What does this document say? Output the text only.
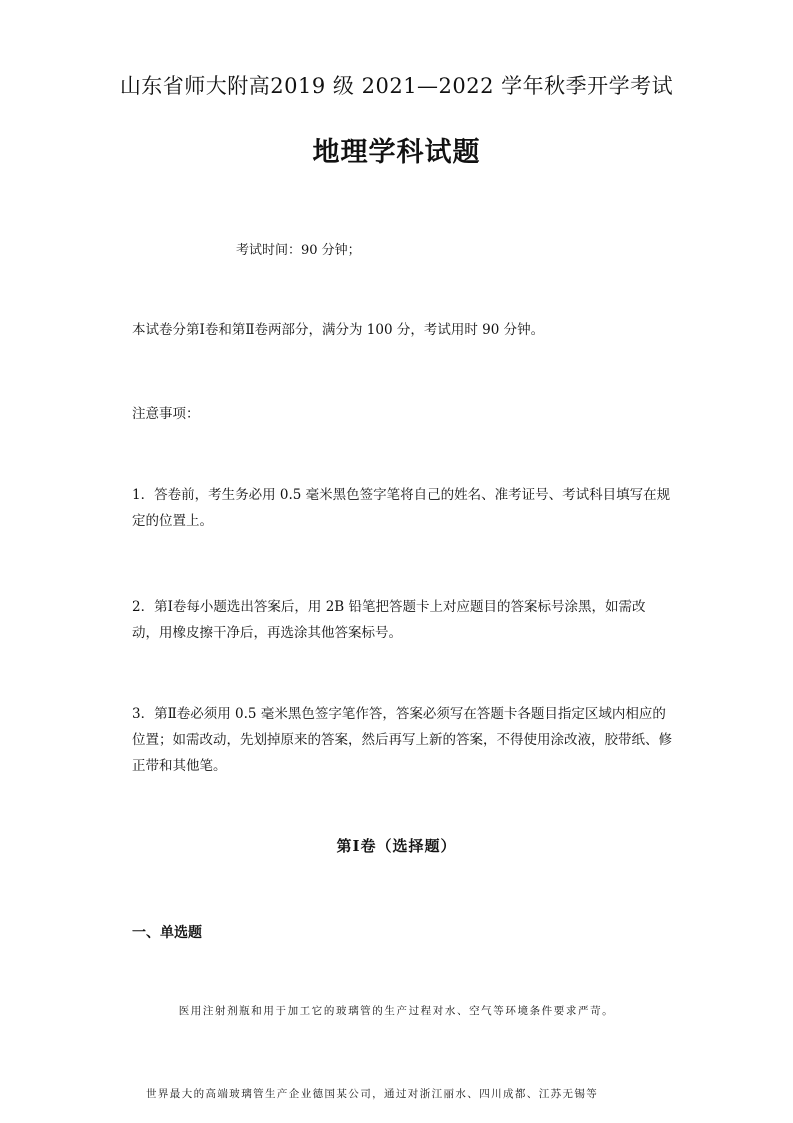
山东省师大附高2019 级 2021—2022 学年秋季开学考试
地理学科试题
考试时间：90 分钟；
本试卷分第Ⅰ卷和第Ⅱ卷两部分，满分为 100 分，考试用时 90 分钟。
注意事项：
1．答卷前，考生务必用 0.5 毫米黑色签字笔将自己的姓名、准考证号、考试科目填写在规定的位置上。
2．第Ⅰ卷每小题选出答案后，用 2B 铅笔把答题卡上对应题目的答案标号涂黑，如需改动，用橡皮擦干净后，再选涂其他答案标号。
3．第Ⅱ卷必须用 0.5 毫米黑色签字笔作答，答案必须写在答题卡各题目指定区域内相应的位置；如需改动，先划掉原来的答案，然后再写上新的答案，不得使用涂改液，胶带纸、修正带和其他笔。
第Ⅰ卷（选择题）
一、单选题
医用注射剂瓶和用于加工它的玻璃管的生产过程对水、空气等环境条件要求严苛。
世界最大的高端玻璃管生产企业德国某公司，通过对浙江丽水、四川成都、江苏无锡等
